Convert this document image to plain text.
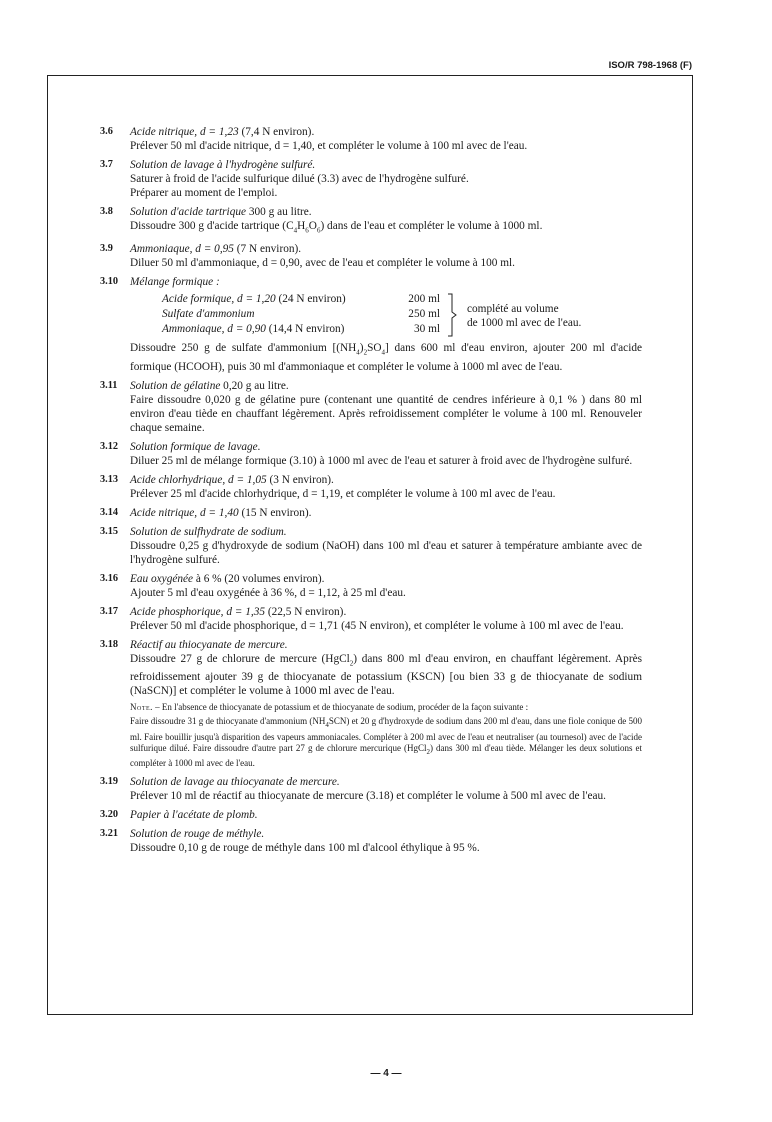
ISO/R 798-1968 (F)
3.6 Acide nitrique, d = 1,23 (7,4 N environ).
Prélever 50 ml d'acide nitrique, d = 1,40, et compléter le volume à 100 ml avec de l'eau.
3.7 Solution de lavage à l'hydrogène sulfuré.
Saturer à froid de l'acide sulfurique dilué (3.3) avec de l'hydrogène sulfuré.
Préparer au moment de l'emploi.
3.8 Solution d'acide tartrique 300 g au litre.
Dissoudre 300 g d'acide tartrique $(C_4H_6O_6)$ dans de l'eau et compléter le volume à 1000 ml.
3.9 Ammoniaque, d = 0,95 (7 N environ).
Diluer 50 ml d'ammoniaque, d = 0,90, avec de l'eau et compléter le volume à 100 ml.
3.10 Mélange formique :
Acide formique, d = 1,20 (24 N environ)	200 ml
Sulfate d'ammonium	250 ml
Ammoniaque, d = 0,90 (14,4 N environ)	30 ml
complété au volume
de 1000 ml avec de l'eau.
Dissoudre 250 g de sulfate d'ammonium $[(NH_4)_2SO_4]$ dans 600 ml d'eau environ, ajouter 200 ml d'acide formique (HCOOH), puis 30 ml d'ammoniaque et compléter le volume à 1000 ml avec de l'eau.
3.11 Solution de gélatine 0,20 g au litre.
Faire dissoudre 0,020 g de gélatine pure (contenant une quantité de cendres inférieure à 0,1 % ) dans 80 ml environ d'eau tiède en chauffant légèrement. Après refroidissement compléter le volume à 100 ml. Renouveler chaque semaine.
3.12 Solution formique de lavage.
Diluer 25 ml de mélange formique (3.10) à 1000 ml avec de l'eau et saturer à froid avec de l'hydrogène sulfuré.
3.13 Acide chlorhydrique, d = 1,05 (3 N environ).
Prélever 25 ml d'acide chlorhydrique, d = 1,19, et compléter le volume à 100 ml avec de l'eau.
3.14 Acide nitrique, d = 1,40 (15 N environ).
3.15 Solution de sulfhydrate de sodium.
Dissoudre 0,25 g d'hydroxyde de sodium (NaOH) dans 100 ml d'eau et saturer à température ambiante avec de l'hydrogène sulfuré.
3.16 Eau oxygénée à 6 % (20 volumes environ).
Ajouter 5 ml d'eau oxygénée à 36 %, d = 1,12, à 25 ml d'eau.
3.17 Acide phosphorique, d = 1,35 (22,5 N environ).
Prélever 50 ml d'acide phosphorique, d = 1,71 (45 N environ), et compléter le volume à 100 ml avec de l'eau.
3.18 Réactif au thiocyanate de mercure.
Dissoudre 27 g de chlorure de mercure (HgCl$_2$) dans 800 ml d'eau environ, en chauffant légèrement. Après refroidissement ajouter 39 g de thiocyanate de potassium (KSCN) [ou bien 33 g de thiocyanate de sodium (NaSCN)] et compléter le volume à 1000 ml avec de l'eau.
Note. – En l'absence de thiocyanate de potassium et de thiocyanate de sodium, procéder de la façon suivante :
Faire dissoudre 31 g de thiocyanate d'ammonium $(NH_4SCN)$ et 20 g d'hydroxyde de sodium dans 200 ml d'eau, dans une fiole conique de 500 ml. Faire bouillir jusqu'à disparition des vapeurs ammoniacales. Compléter à 200 ml avec de l'eau et neutraliser (au tournesol) avec de l'acide sulfurique dilué. Faire dissoudre d'autre part 27 g de chlorure mercurique (HgCl$_2$) dans 300 ml d'eau tiède. Mélanger les deux solutions et compléter à 1000 ml avec de l'eau.
3.19 Solution de lavage au thiocyanate de mercure.
Prélever 10 ml de réactif au thiocyanate de mercure (3.18) et compléter le volume à 500 ml avec de l'eau.
3.20 Papier à l'acétate de plomb.
3.21 Solution de rouge de méthyle.
Dissoudre 0,10 g de rouge de méthyle dans 100 ml d'alcool éthylique à 95 %.
— 4 —
